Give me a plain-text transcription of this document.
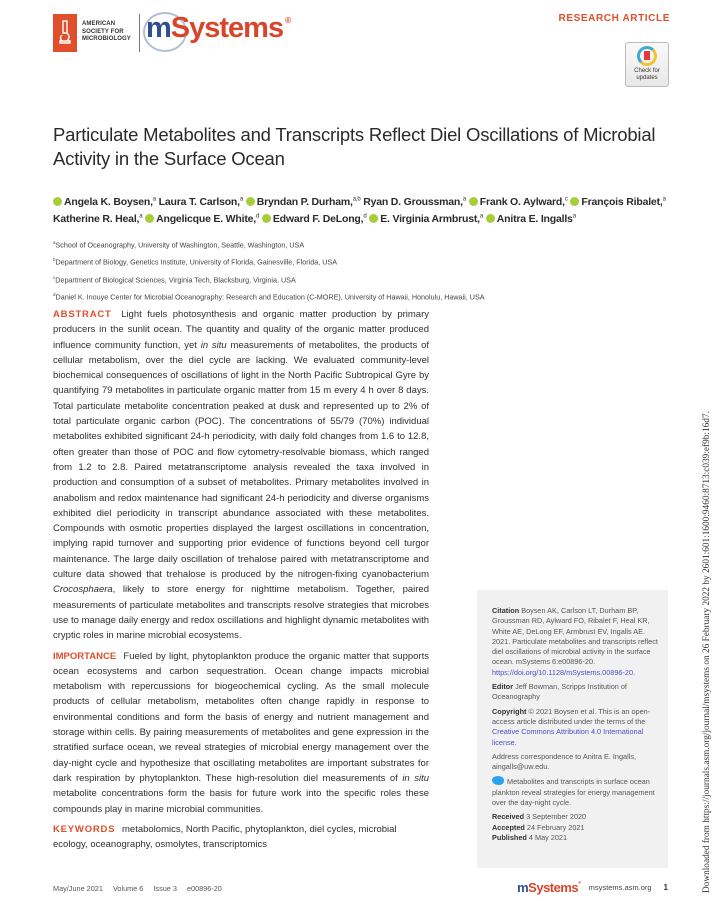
AMERICAN
SOCIETY FOR
MICROBIOLOGY mSystems ®	RESEARCH ARTICLE
Check for
updates
Particulate Metabolites and Transcripts Reflect Diel Oscillations of Microbial Activity in the Surface Ocean
Angela K. Boysen,$^a$ Laura T. Carlson,$^a$ Bryndan P. Durham,$^{a,b}$ Ryan D. Groussman,$^a$ Frank O. Aylward,$^c$ François Ribalet,$^a$
Katherine R. Heal,$^a$ Angelicque E. White,$^d$ Edward F. DeLong,$^d$ E. Virginia Armbrust,$^a$ Anitra E. Ingalls$^a$
$^a$School of Oceanography, University of Washington, Seattle, Washington, USA
$^b$Department of Biology, Genetics Institute, University of Florida, Gainesville, Florida, USA
$^c$Department of Biological Sciences, Virginia Tech, Blacksburg, Virginia, USA
$^d$Daniel K. Inouye Center for Microbial Oceanography: Research and Education (C-MORE), University of Hawaii, Honolulu, Hawaii, USA

ABSTRACT Light fuels photosynthesis and organic matter production by primary producers in the sunlit ocean. The quantity and quality of the organic matter produced influence community function, yet in situ measurements of metabolites, the products of cellular metabolism, over the diel cycle are lacking. We evaluated community-level biochemical consequences of oscillations of light in the North Pacific Subtropical Gyre by quantifying 79 metabolites in particulate organic matter from 15 m every 4 h over 8 days. Total particulate metabolite concentration peaked at dusk and represented up to 2% of total particulate organic carbon (POC). The concentrations of 55/79 (70%) individual metabolites exhibited significant 24-h periodicity, with daily fold changes from 1.6 to 12.8, often greater than those of POC and flow cytometry-resolvable biomass, which ranged from 1.2 to 2.8. Paired metatranscriptome analysis revealed the taxa involved in production and consumption of a subset of metabolites. Primary metabolites involved in anabolism and redox maintenance had significant 24-h periodicity and diverse organisms exhibited diel periodicity in transcript abundance associated with these metabolites. Compounds with osmotic properties displayed the largest oscillations in concentration, implying rapid turnover and supporting prior evidence of functions beyond cell turgor maintenance. The large daily oscillation of trehalose paired with metatranscriptome and culture data showed that trehalose is produced by the nitrogen-fixing cyanobacterium Crocosphaera, likely to store energy for nighttime metabolism. Together, paired measurements of particulate metabolites and transcripts resolve strategies that microbes use to manage daily energy and redox oscillations and highlight dynamic metabolites with cryptic roles in marine microbial ecosystems.

IMPORTANCE Fueled by light, phytoplankton produce the organic matter that supports ocean ecosystems and carbon sequestration. Ocean change impacts microbial metabolism with repercussions for biogeochemical cycling. As the small molecule products of cellular metabolism, metabolites often change rapidly in response to environmental conditions and form the basis of energy and nutrient management and storage within cells. By pairing measurements of metabolites and gene expression in the stratified surface ocean, we reveal strategies of microbial energy management over the day-night cycle and hypothesize that oscillating metabolites are important substrates for dark respiration by phytoplankton. These high-resolution diel measurements of in situ metabolite concentrations form the basis for future work into the specific roles these compounds play in marine microbial communities.

KEYWORDS metabolomics, North Pacific, phytoplankton, diel cycles, microbial ecology, oceanography, osmolytes, transcriptomics

Citation Boysen AK, Carlson LT, Durham BP, Groussman RD, Aylward FO, Ribalet F, Heal KR, White AE, DeLong EF, Armbrust EV, Ingalls AE. 2021. Particulate metabolites and transcripts reflect diel oscillations of microbial activity in the surface ocean. mSystems 6:e00896-20. https://doi.org/10.1128/mSystems.00896-20.

Editor Jeff Bowman, Scripps Institution of Oceanography

Copyright © 2021 Boysen et al. This is an open-access article distributed under the terms of the Creative Commons Attribution 4.0 International license.

Address correspondence to Anitra E. Ingalls, aingalls@uw.edu.

Metabolites and transcripts in surface ocean plankton reveal strategies for energy management over the day-night cycle.

Received 3 September 2020

Accepted 24 February 2021

Published 4 May 2021

May/June 2021 Volume 6 Issue 3 e00896-20	mSystems®
msystems.asm.org 1	Downloaded from https://journals.asm.org/journal/msystems on 26 February 2022 by 2601:601:1600:9460:8713:c039:ef9b:16d7.
